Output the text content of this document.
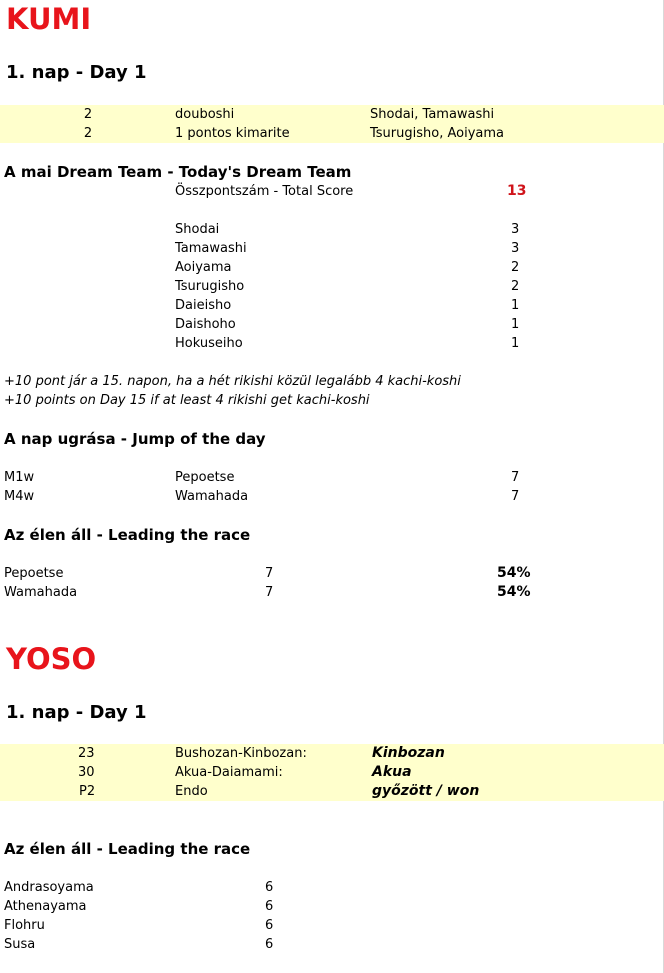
KUMI
1. nap - Day 1
2	douboshi	Shodai, Tamawashi
2	1 pontos kimarite	Tsurugisho, Aoiyama
A mai Dream Team - Today's Dream Team
Összpontszám - Total Score	13
Shodai	3
Tamawashi	3
Aoiyama	2
Tsurugisho	2
Daieisho	1
Daishoho	1
Hokuseiho	1
+10 pont jár a 15. napon, ha a hét rikishi közül legalább 4 kachi-koshi
+10 points on Day 15 if at least 4 rikishi get kachi-koshi
A nap ugrása - Jump of the day
M1w	Pepoetse	7
M4w	Wamahada	7
Az élen áll - Leading the race
Pepoetse	7	54%
Wamahada	7	54%
YOSO
1. nap - Day 1
23	Bushozan-Kinbozan:	Kinbozan
30	Akua-Daiamami:	Akua
P2	Endo	győzött / won
Az élen áll - Leading the race
Andrasoyama	6
Athenayama	6
Flohru	6
Susa	6
